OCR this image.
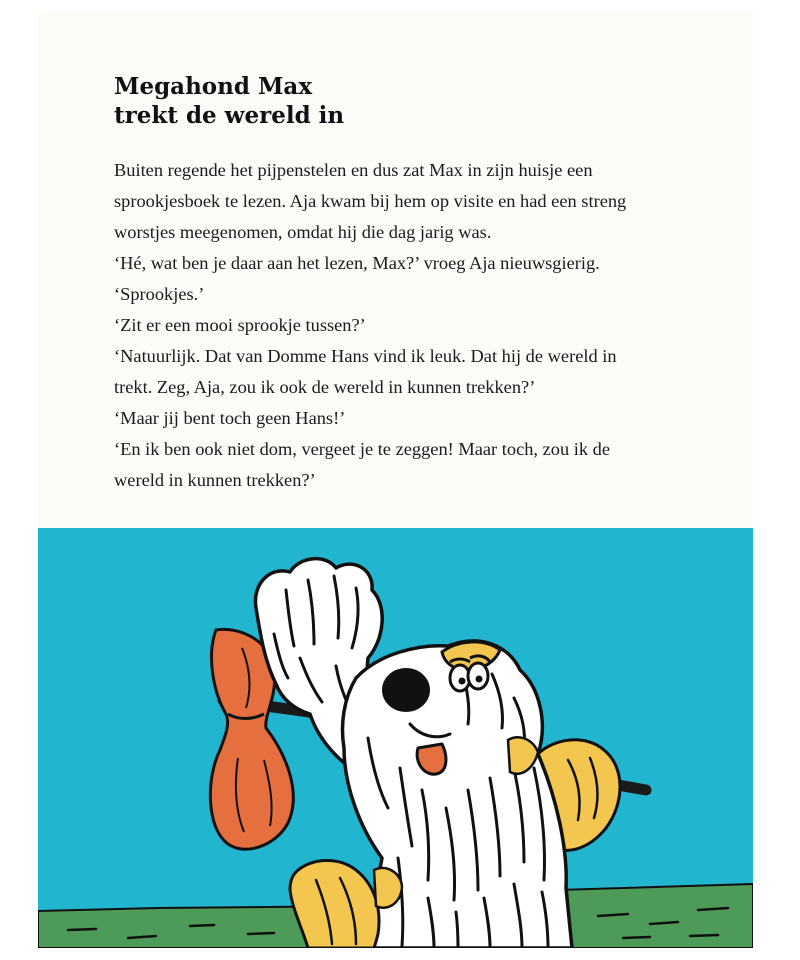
Megahond Max
trekt de wereld in

Buiten regende het pijpenstelen en dus zat Max in zijn huisje een

sprookjesboek te lezen. Aja kwam bij hem op visite en had een streng

worstjes meegenomen, omdat hij die dag jarig was.

‘Hé, wat ben je daar aan het lezen, Max?’ vroeg Aja nieuwsgierig.

‘Sprookjes.’

‘Zit er een mooi sprookje tussen?’

‘Natuurlijk. Dat van Domme Hans vind ik leuk. Dat hij de wereld in

trekt. Zeg, Aja, zou ik ook de wereld in kunnen trekken?’

‘Maar jij bent toch geen Hans!’

‘En ik ben ook niet dom, vergeet je te zeggen! Maar toch, zou ik de

wereld in kunnen trekken?’
